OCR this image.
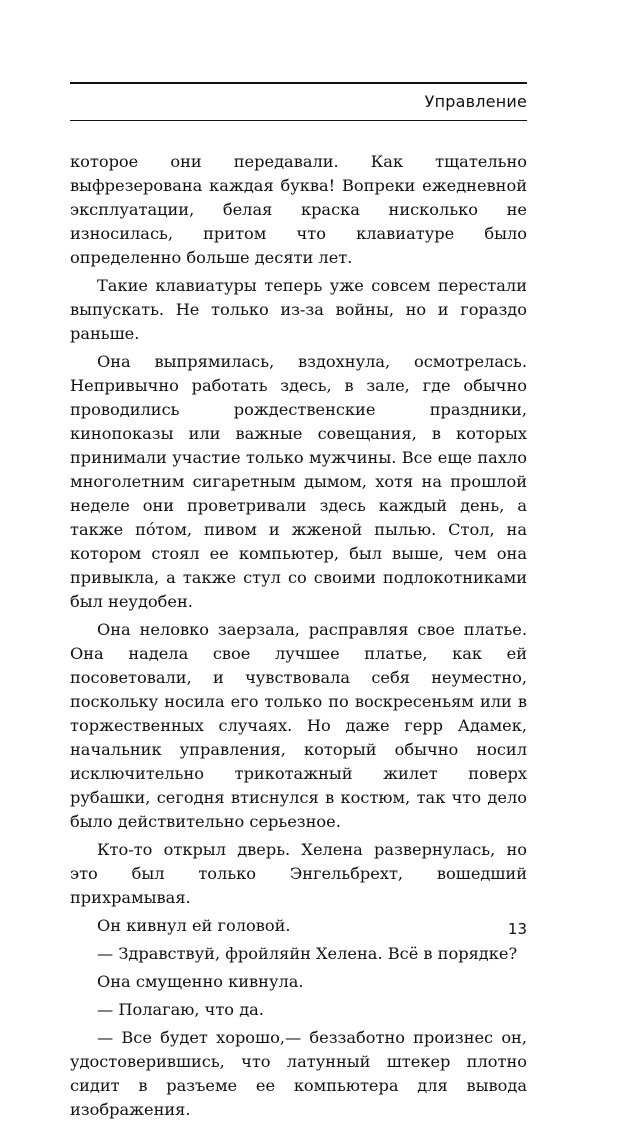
Управление

которое они передавали. Как тщательно выфрезерована каждая буква! Вопреки ежедневной эксплуатации, белая краска нисколько не износилась, притом что клавиатуре было определенно больше десяти лет.

Такие клавиатуры теперь уже совсем перестали выпускать. Не только из-за войны, но и гораздо раньше.

Она выпрямилась, вздохнула, осмотрелась. Непривычно работать здесь, в зале, где обычно проводились рождественские праздники, кинопоказы или важные совещания, в которых принимали участие только мужчины. Все еще пахло многолетним сигаретным дымом, хотя на прошлой неделе они проветривали здесь каждый день, а также по́том, пивом и жженой пылью. Стол, на котором стоял ее компьютер, был выше, чем она привыкла, а также стул со своими подлокотниками был неудобен.

Она неловко заерзала, расправляя свое платье. Она надела свое лучшее платье, как ей посоветовали, и чувствовала себя неуместно, поскольку носила его только по воскресеньям или в торжественных случаях. Но даже герр Адамек, начальник управления, который обычно носил исключительно трикотажный жилет поверх рубашки, сегодня втиснулся в костюм, так что дело было действительно серьезное.

Кто-то открыл дверь. Хелена развернулась, но это был только Энгельбрехт, вошедший прихрамывая.

Он кивнул ей головой.

— Здравствуй, фройляйн Хелена. Всё в порядке?

Она смущенно кивнула.

— Полагаю, что да.

— Все будет хорошо,— беззаботно произнес он, удостоверившись, что латунный штекер плотно сидит в разъеме ее компьютера для вывода изображения.

13
